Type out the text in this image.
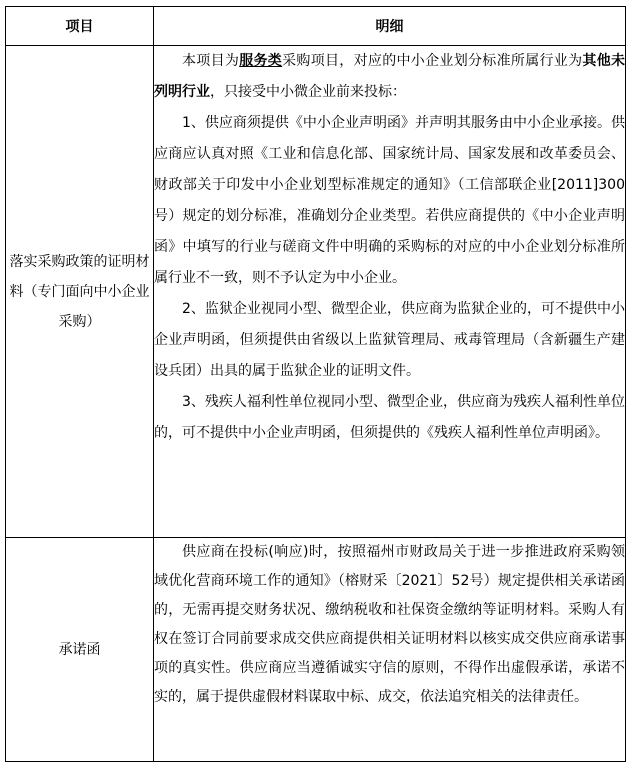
项目	明细
落实采购政策的证明材料（专门面向中小企业采购）	本项目为服务类采购项目，对应的中小企业划分标准所属行业为其他未列明行业，只接受中小微企业前来投标：

1、供应商须提供《中小企业声明函》并声明其服务由中小企业承接。供应商应认真对照《工业和信息化部、国家统计局、国家发展和改革委员会、财政部关于印发中小企业划型标准规定的通知》（工信部联企业[2011]300号）规定的划分标准，准确划分企业类型。若供应商提供的《中小企业声明函》中填写的行业与磋商文件中明确的采购标的对应的中小企业划分标准所属行业不一致，则不予认定为中小企业。

2、监狱企业视同小型、微型企业，供应商为监狱企业的，可不提供中小企业声明函，但须提供由省级以上监狱管理局、戒毒管理局（含新疆生产建设兵团）出具的属于监狱企业的证明文件。

3、残疾人福利性单位视同小型、微型企业，供应商为残疾人福利性单位的，可不提供中小企业声明函，但须提供的《残疾人福利性单位声明函》。

承诺函	供应商在投标(响应)时，按照福州市财政局关于进一步推进政府采购领域优化营商环境工作的通知》（榕财采〔2021〕52号）规定提供相关承诺函的，无需再提交财务状况、缴纳税收和社保资金缴纳等证明材料。采购人有权在签订合同前要求成交供应商提供相关证明材料以核实成交供应商承诺事项的真实性。供应商应当遵循诚实守信的原则，不得作出虚假承诺，承诺不实的，属于提供虚假材料谋取中标、成交，依法追究相关的法律责任。
